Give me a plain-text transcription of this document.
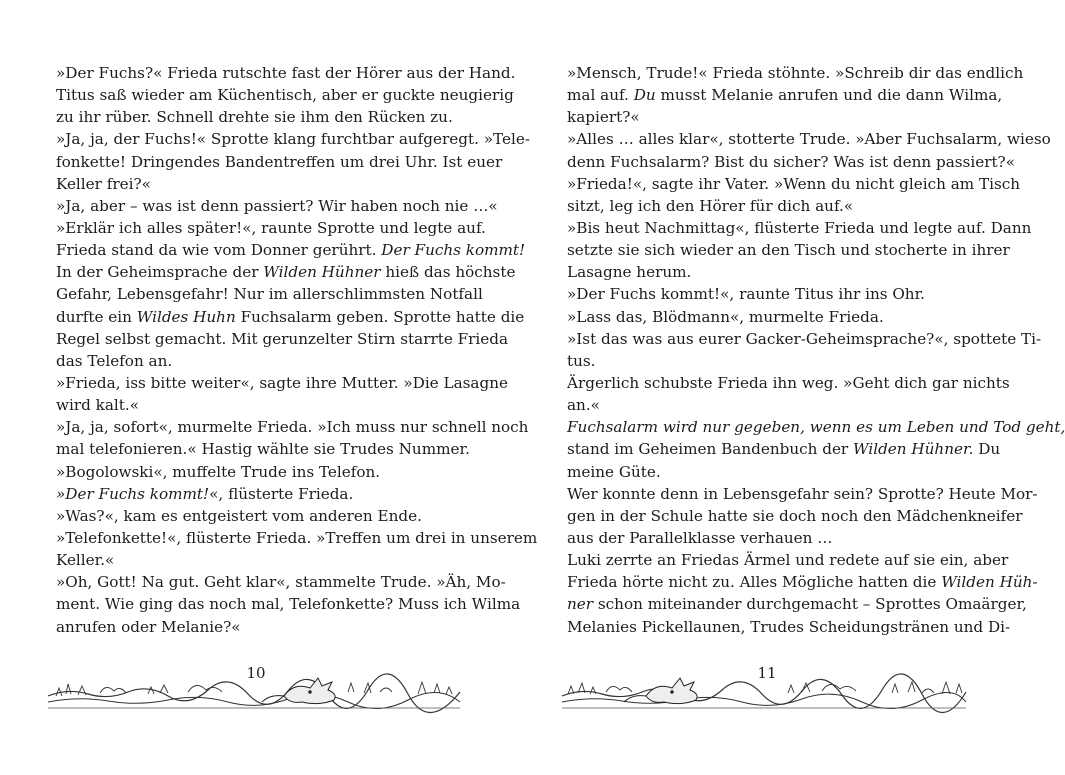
»Der Fuchs?« Frieda rutschte fast der Hörer aus der Hand.
Titus saß wieder am Küchentisch, aber er guckte neugierig
zu ihr rüber. Schnell drehte sie ihm den Rücken zu.
»Ja, ja, der Fuchs!« Sprotte klang furchtbar aufgeregt. »Tele-
fonkette! Dringendes Bandentreffen um drei Uhr. Ist euer
Keller frei?«
»Ja, aber – was ist denn passiert? Wir haben noch nie …«
»Erklär ich alles später!«, raunte Sprotte und legte auf.
Frieda stand da wie vom Donner gerührt. Der Fuchs kommt!
In der Geheimsprache der Wilden Hühner hieß das höchste
Gefahr, Lebensgefahr! Nur im allerschlimmsten Notfall
durfte ein Wildes Huhn Fuchsalarm geben. Sprotte hatte die
Regel selbst gemacht. Mit gerunzelter Stirn starrte Frieda
das Telefon an.
»Frieda, iss bitte weiter«, sagte ihre Mutter. »Die Lasagne
wird kalt.«
»Ja, ja, sofort«, murmelte Frieda. »Ich muss nur schnell noch
mal telefonieren.« Hastig wählte sie Trudes Nummer.
»Bogolowski«, muffelte Trude ins Telefon.
»Der Fuchs kommt!«, flüsterte Frieda.
»Was?«, kam es entgeistert vom anderen Ende.
»Telefonkette!«, flüsterte Frieda. »Treffen um drei in unserem
Keller.«
»Oh, Gott! Na gut. Geht klar«, stammelte Trude. »Äh, Mo-
ment. Wie ging das noch mal, Telefonkette? Muss ich Wilma
anrufen oder Melanie?«
10
»Mensch, Trude!« Frieda stöhnte. »Schreib dir das endlich
mal auf. Du musst Melanie anrufen und die dann Wilma,
kapiert?«
»Alles … alles klar«, stotterte Trude. »Aber Fuchsalarm, wieso
denn Fuchsalarm? Bist du sicher? Was ist denn passiert?«
»Frieda!«, sagte ihr Vater. »Wenn du nicht gleich am Tisch
sitzt, leg ich den Hörer für dich auf.«
»Bis heut Nachmittag«, flüsterte Frieda und legte auf. Dann
setzte sie sich wieder an den Tisch und stocherte in ihrer
Lasagne herum.
»Der Fuchs kommt!«, raunte Titus ihr ins Ohr.
»Lass das, Blödmann«, murmelte Frieda.
»Ist das was aus eurer Gacker-Geheimsprache?«, spottete Ti-
tus.
Ärgerlich schubste Frieda ihn weg. »Geht dich gar nichts
an.«
Fuchsalarm wird nur gegeben, wenn es um Leben und Tod geht,
stand im Geheimen Bandenbuch der Wilden Hühner. Du
meine Güte.
Wer konnte denn in Lebensgefahr sein? Sprotte? Heute Mor-
gen in der Schule hatte sie doch noch den Mädchenkneifer
aus der Parallelklasse verhauen …
Luki zerrte an Friedas Ärmel und redete auf sie ein, aber
Frieda hörte nicht zu. Alles Mögliche hatten die Wilden Hüh-
ner schon miteinander durchgemacht – Sprottes Omaärger,
Melanies Pickellaunen, Trudes Scheidungstränen und Di-
11
